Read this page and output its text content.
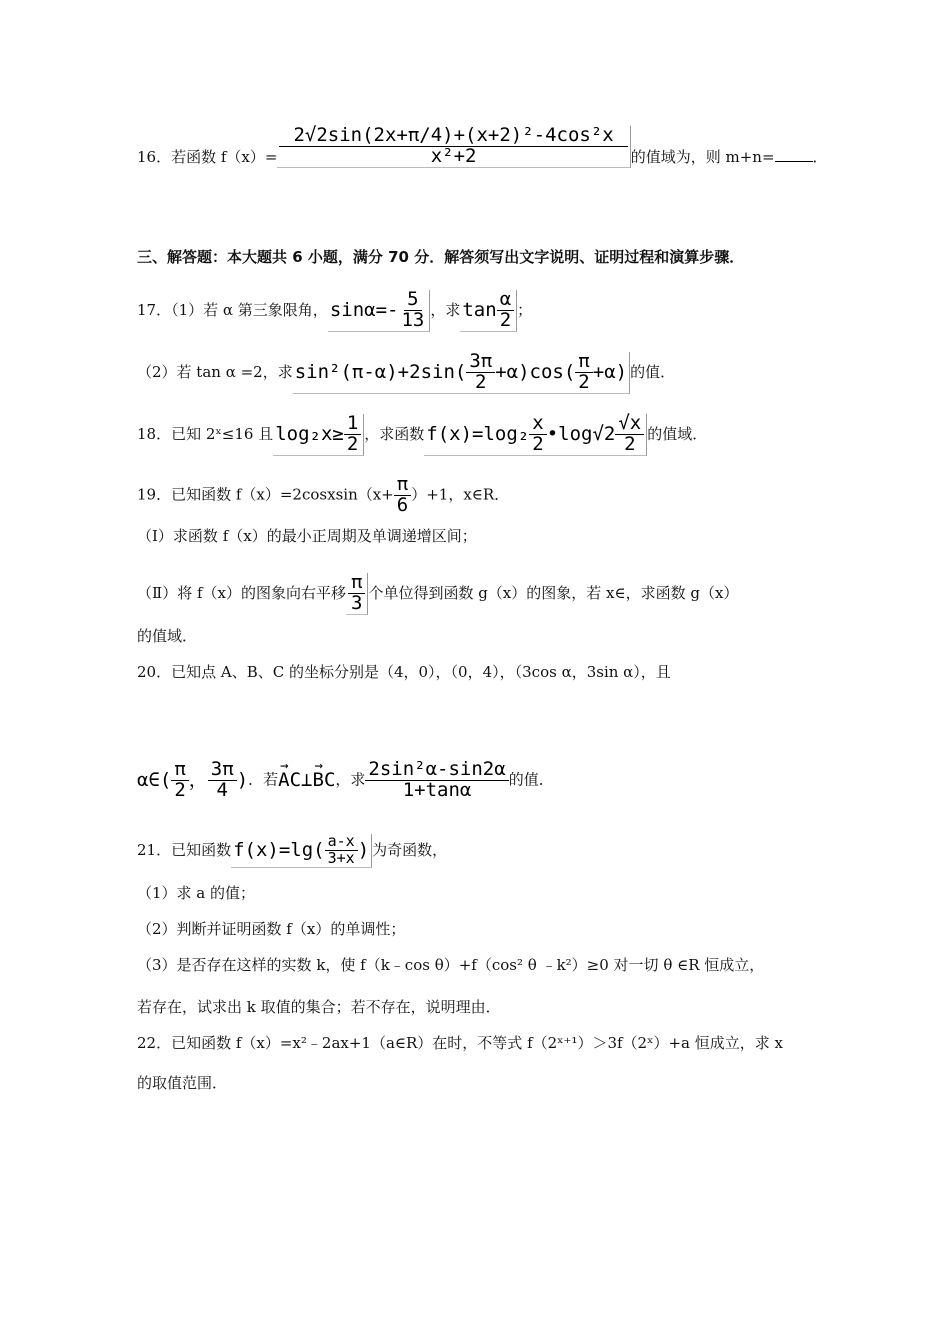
16．若函数 $f(x)= \frac{\text{2√2sin(2x+π/4)+(x+2)²-4cos²x}}{\text{x²+2}}$ 的值域为，则 m+n=	．
三、解答题：本大题共 6 小题，满分 70 分．解答须写出文字说明、证明过程和演算步骤．
17．（1）若 α 第三象限角， $\sin\alpha=- \frac{5}{13}$ ，求 $\tan \frac{\alpha}{2}$ ；
（2）若 tan α =2，求 $\sin^2(\pi-\alpha)+2\sin( \frac{3\pi}{2} +\alpha)\cos( \frac{\pi}{2} +\alpha)$ 的值．
18．已知 2ˣ≤16 且 $\log_2x\ge \frac{1}{2}$ ，求函数 $f(x)=\log_2 \frac{x}{2}$ •log√2 $\frac{√x}{2}$ 的值域．
19．已知函数 f（x）=2cosxsin（x+ $\frac{\pi}{6} )+1$，x∈R．
（Ⅰ）求函数 f（x）的最小正周期及单调递增区间；
（Ⅱ）将 f（x）的图象向右平移 $\frac{\pi}{3}$ 个单位得到函数 g（x）的图象，若 x∈，求函数 g（x）
的值域．
20．已知点 A、B、C 的坐标分别是（4，0），（0，4），（3cos α，3sin α），且
α∈( $\frac{\pi}{2}$ ， $\frac{3\pi}{4}$ )．若→ AC⊥→ BC，求 $\frac{\text{2sin²α-sin2α}}{1+\tan\alpha}$ 的值．
21．已知函数 $f(x)=\lg( \frac{a-x}{3+x}$ ) 为奇函数，
（1）求 a 的值；
（2）判断并证明函数 f（x）的单调性；
（3）是否存在这样的实数 k，使 f（k﹣cos θ）+f（cos² θ ﹣k²）≥0 对一切 θ ∈R 恒成立，
若存在，试求出 k 取值的集合；若不存在，说明理由．
22．已知函数 f（x）=x²﹣2ax+1（a∈R）在时，不等式 f（2ˣ⁺¹）＞3f（2ˣ）+a 恒成立，求 x
的取值范围．
